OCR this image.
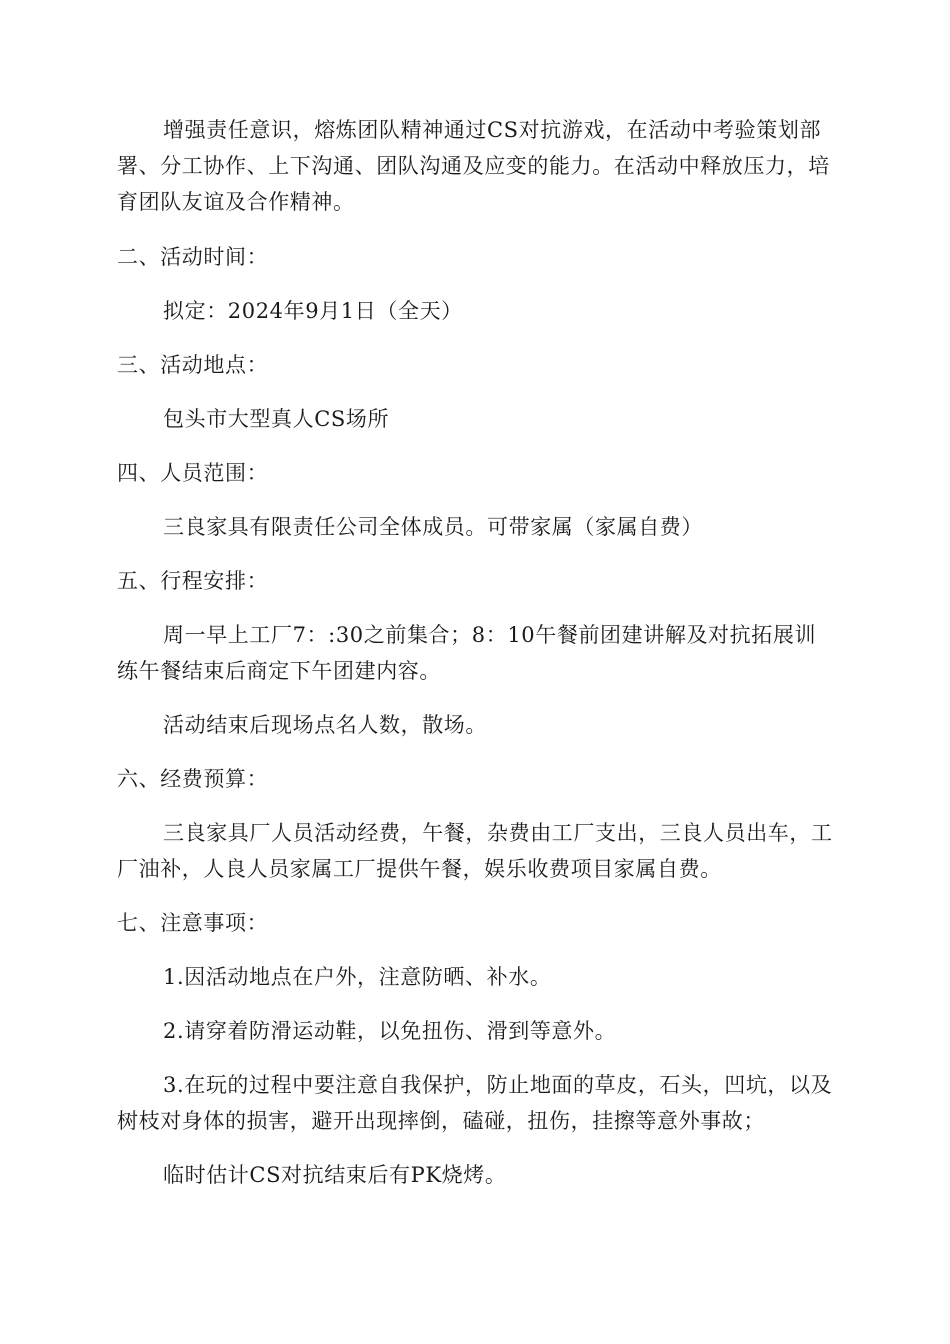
增强责任意识，熔炼团队精神通过CS对抗游戏，在活动中考验策划部署、分工协作、上下沟通、团队沟通及应变的能力。在活动中释放压力，培育团队友谊及合作精神。

二、活动时间：

拟定：2024年9月1日（全天）

三、活动地点：

包头市大型真人CS场所

四、人员范围：

三良家具有限责任公司全体成员。可带家属（家属自费）

五、行程安排：

周一早上工厂7：:30之前集合；8：10午餐前团建讲解及对抗拓展训练午餐结束后商定下午团建内容。

活动结束后现场点名人数，散场。

六、经费预算：

三良家具厂人员活动经费，午餐，杂费由工厂支出，三良人员出车，工厂油补，人良人员家属工厂提供午餐，娱乐收费项目家属自费。

七、注意事项：

1.因活动地点在户外，注意防晒、补水。

2.请穿着防滑运动鞋，以免扭伤、滑到等意外。

3.在玩的过程中要注意自我保护，防止地面的草皮，石头，凹坑，以及树枝对身体的损害，避开出现摔倒，磕碰，扭伤，挂擦等意外事故；

临时估计CS对抗结束后有PK烧烤。
